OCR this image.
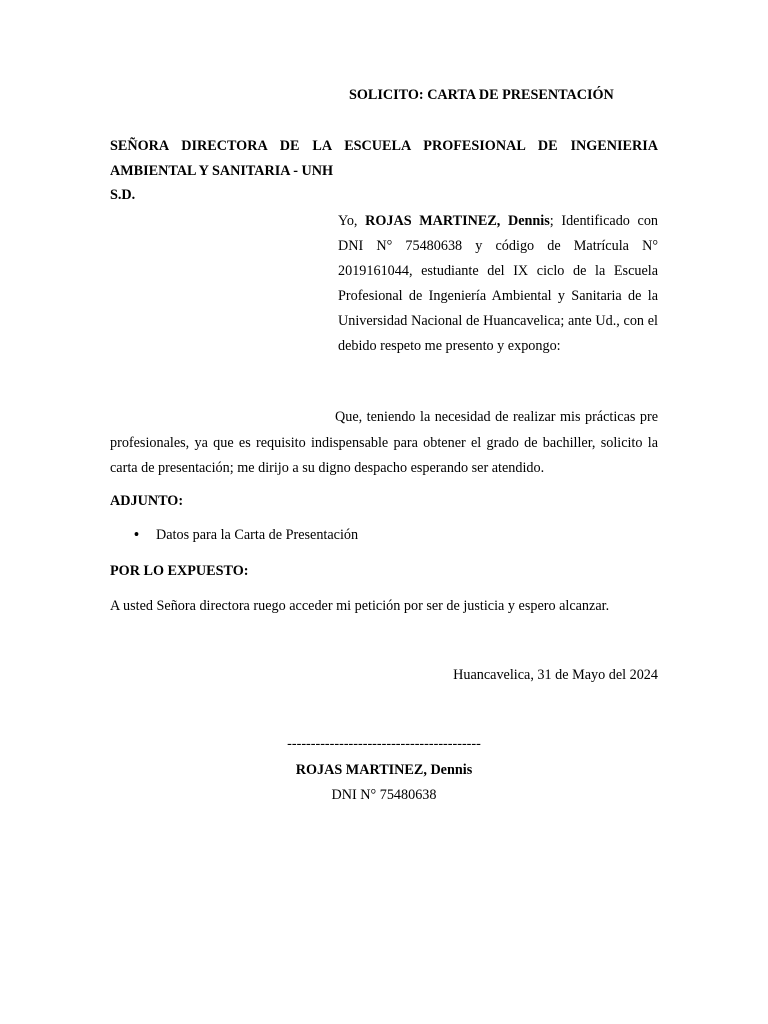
SOLICITO: CARTA DE PRESENTACIÓN

SEÑORA DIRECTORA DE LA ESCUELA PROFESIONAL DE INGENIERIA
AMBIENTAL Y SANITARIA - UNH

S.D.

Yo, ROJAS MARTINEZ, Dennis; Identificado con DNI N° 75480638 y código de Matrícula N° 2019161044, estudiante del IX ciclo de la Escuela Profesional de Ingeniería Ambiental y Sanitaria de la Universidad Nacional de Huancavelica; ante Ud., con el debido respeto me presento y expongo:

Que, teniendo la necesidad de realizar mis prácticas pre profesionales, ya que es requisito indispensable para obtener el grado de bachiller, solicito la carta de presentación; me dirijo a su digno despacho esperando ser atendido.

ADJUNTO:

• Datos para la Carta de Presentación

POR LO EXPUESTO:

A usted Señora directora ruego acceder mi petición por ser de justicia y espero alcanzar.

Huancavelica, 31 de Mayo del 2024

-----------------------------------------

ROJAS MARTINEZ, Dennis

DNI N° 75480638
